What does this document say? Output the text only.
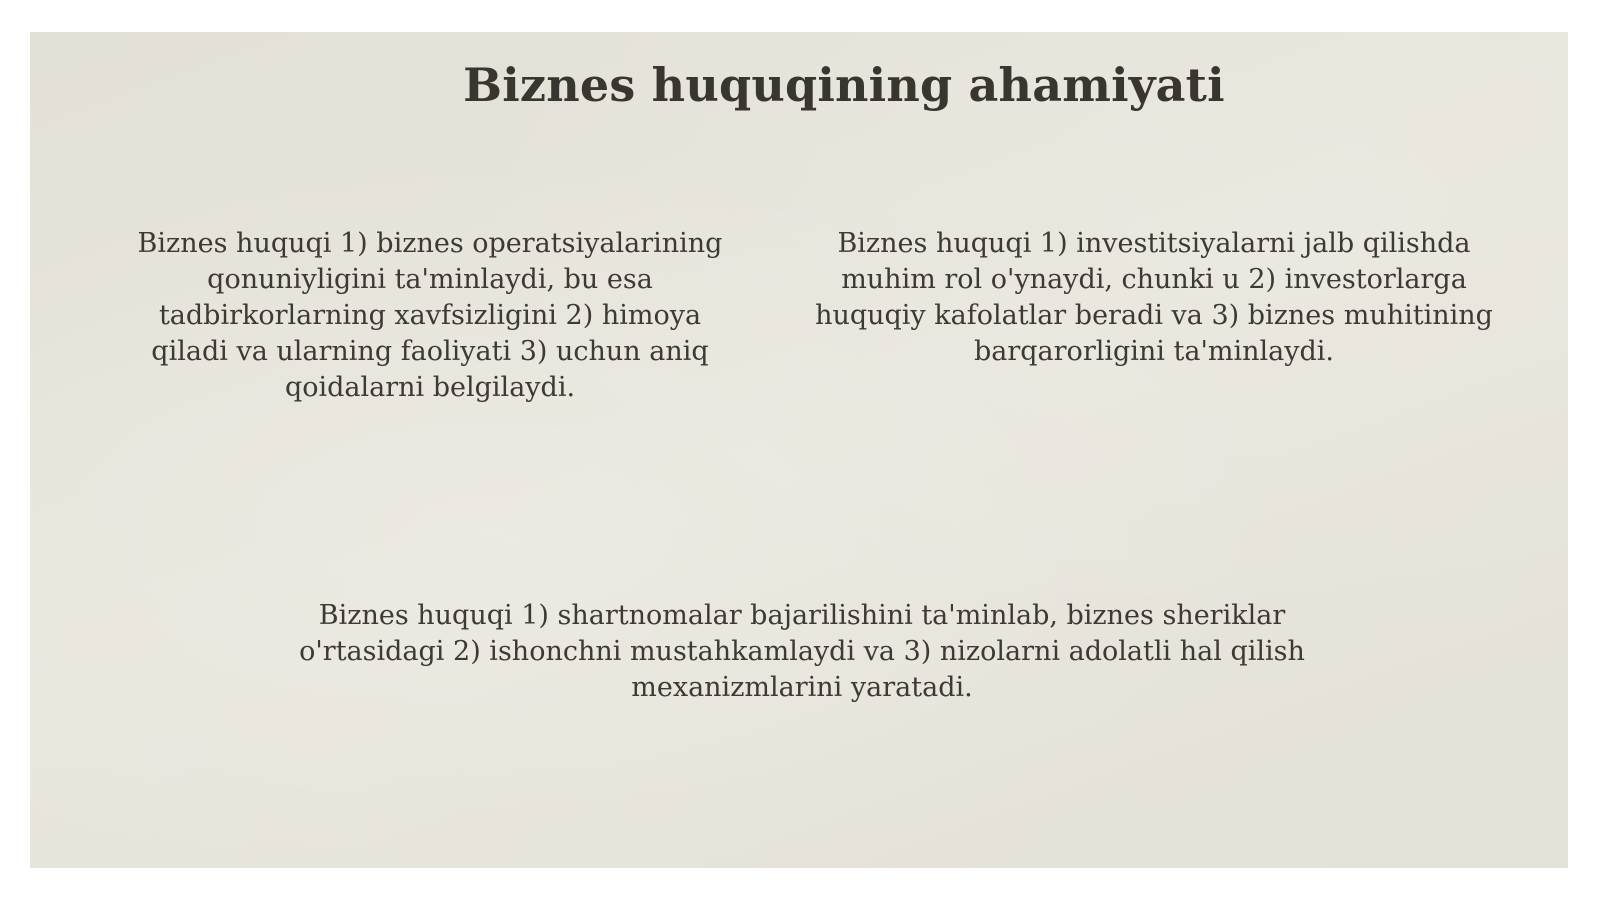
Biznes huquqining ahamiyati

Biznes huquqi 1) biznes operatsiyalarining qonuniyligini ta'minlaydi, bu esa tadbirkorlarning xavfsizligini 2) himoya qiladi va ularning faoliyati 3) uchun aniq qoidalarni belgilaydi.

Biznes huquqi 1) investitsiyalarni jalb qilishda muhim rol o'ynaydi, chunki u 2) investorlarga huquqiy kafolatlar beradi va 3) biznes muhitining barqarorligini ta'minlaydi.

Biznes huquqi 1) shartnomalar bajarilishini ta'minlab, biznes sheriklar o'rtasidagi 2) ishonchni mustahkamlaydi va 3) nizolarni adolatli hal qilish mexanizmlarini yaratadi.
